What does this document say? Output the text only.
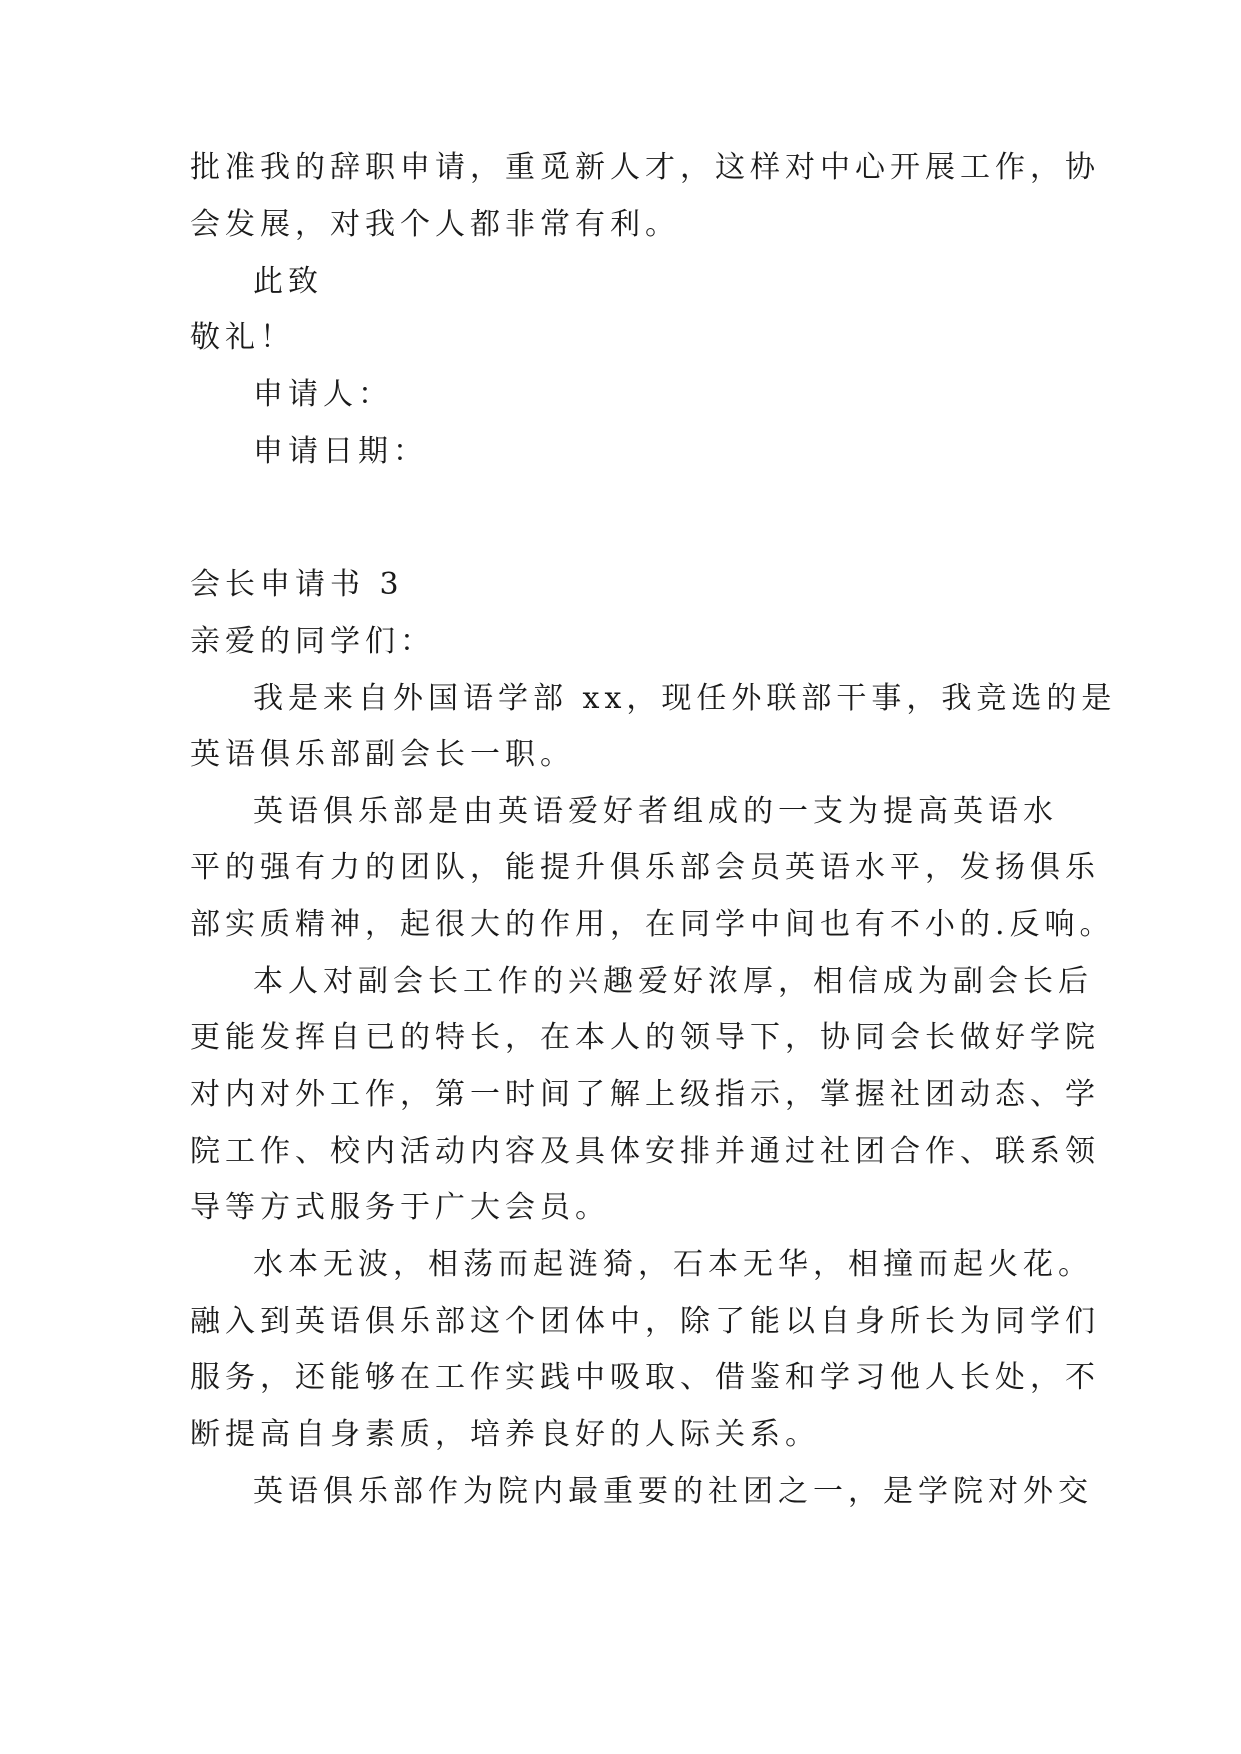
批准我的辞职申请，重觅新人才，这样对中心开展工作，协
会发展，对我个人都非常有利。
此致
敬礼！
申请人：
申请日期：
会长申请书 3
亲爱的同学们：
我是来自外国语学部 xx，现任外联部干事，我竞选的是
英语俱乐部副会长一职。
英语俱乐部是由英语爱好者组成的一支为提高英语水
平的强有力的团队，能提升俱乐部会员英语水平，发扬俱乐
部实质精神，起很大的作用，在同学中间也有不小的.反响。
本人对副会长工作的兴趣爱好浓厚，相信成为副会长后
更能发挥自已的特长，在本人的领导下，协同会长做好学院
对内对外工作，第一时间了解上级指示，掌握社团动态、学
院工作、校内活动内容及具体安排并通过社团合作、联系领
导等方式服务于广大会员。
水本无波，相荡而起涟猗，石本无华，相撞而起火花。
融入到英语俱乐部这个团体中，除了能以自身所长为同学们
服务，还能够在工作实践中吸取、借鉴和学习他人长处，不
断提高自身素质，培养良好的人际关系。
英语俱乐部作为院内最重要的社团之一，是学院对外交
